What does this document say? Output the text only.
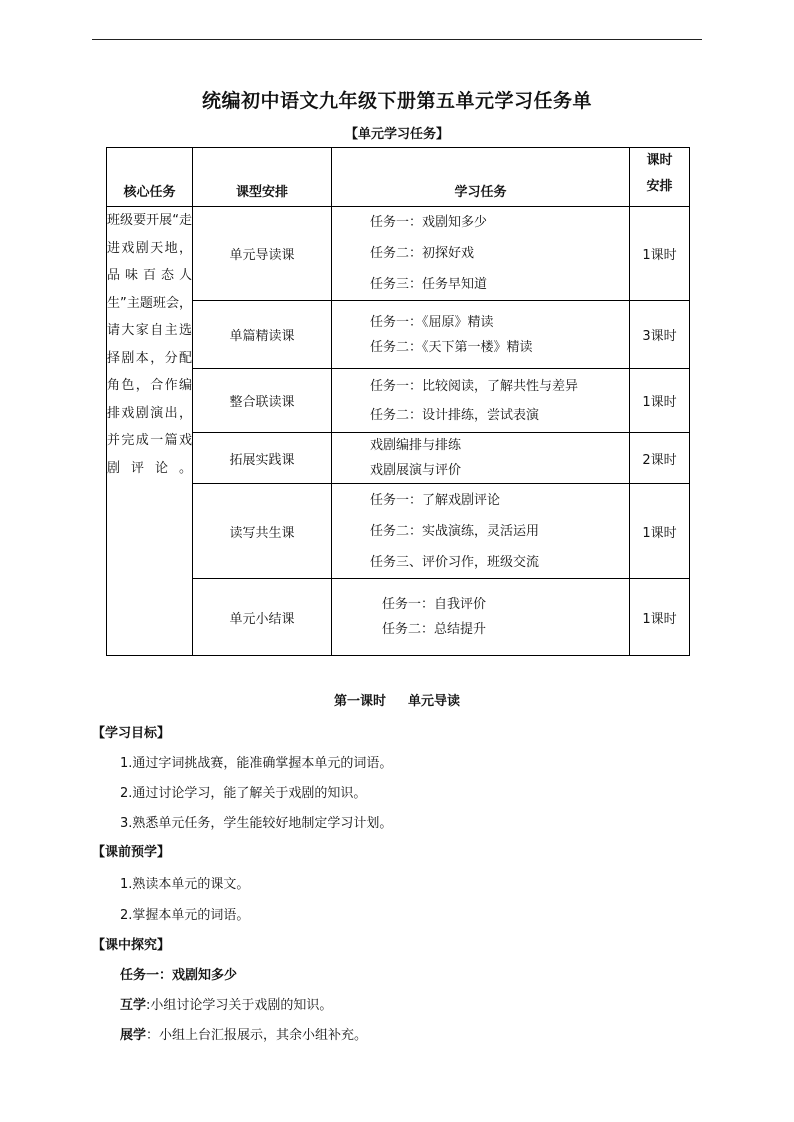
统编初中语文九年级下册第五单元学习任务单
【单元学习任务】
核心任务	课型安排	学习任务	课时
安排

班级要开展“走进戏剧天地，品味百态人生”主题班会，请大家自主选择剧本，分配角色，合作编排戏剧演出，并完成一篇戏剧评论。	单元导读课	任务一：戏剧知多少
任务二：初探好戏
任务三：任务早知道	1课时
	单篇精读课	任务一：《屈原》精读
任务二：《天下第一楼》精读	3课时
	整合联读课	任务一：比较阅读，了解共性与差异
任务二：设计排练，尝试表演	1课时
	拓展实践课	戏剧编排与排练
戏剧展演与评价	2课时
	读写共生课	任务一：了解戏剧评论
任务二：实战演练，灵活运用
任务三、评价习作，班级交流	1课时
	单元小结课	任务一：自我评价
任务二：总结提升	1课时
第一课时 单元导读
【学习目标】
1.通过字词挑战赛，能准确掌握本单元的词语。
2.通过讨论学习，能了解关于戏剧的知识。
3.熟悉单元任务，学生能较好地制定学习计划。
【课前预学】
1.熟读本单元的课文。
2.掌握本单元的词语。
【课中探究】
任务一：戏剧知多少
互学:小组讨论学习关于戏剧的知识。
展学：小组上台汇报展示，其余小组补充。
